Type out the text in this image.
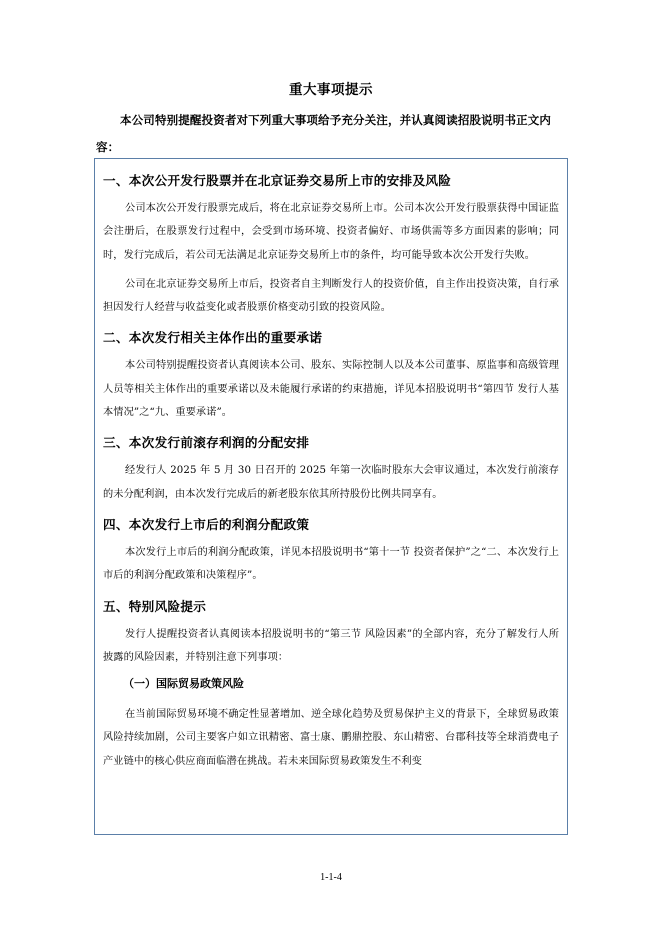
重大事项提示
本公司特别提醒投资者对下列重大事项给予充分关注，并认真阅读招股说明书正文内容：
一、本次公开发行股票并在北京证券交易所上市的安排及风险

公司本次公开发行股票完成后，将在北京证券交易所上市。公司本次公开发行股票获得中国证监会注册后，在股票发行过程中，会受到市场环境、投资者偏好、市场供需等多方面因素的影响；同时，发行完成后，若公司无法满足北京证券交易所上市的条件，均可能导致本次公开发行失败。

公司在北京证券交易所上市后，投资者自主判断发行人的投资价值，自主作出投资决策，自行承担因发行人经营与收益变化或者股票价格变动引致的投资风险。

二、本次发行相关主体作出的重要承诺

本公司特别提醒投资者认真阅读本公司、股东、实际控制人以及本公司董事、原监事和高级管理人员等相关主体作出的重要承诺以及未能履行承诺的约束措施，详见本招股说明书“第四节 发行人基本情况”之“九、重要承诺”。

三、本次发行前滚存利润的分配安排

经发行人 2025 年 5 月 30 日召开的 2025 年第一次临时股东大会审议通过，本次发行前滚存的未分配利润，由本次发行完成后的新老股东依其所持股份比例共同享有。

四、本次发行上市后的利润分配政策

本次发行上市后的利润分配政策，详见本招股说明书“第十一节 投资者保护”之“二、本次发行上市后的利润分配政策和决策程序”。

五、特别风险提示

发行人提醒投资者认真阅读本招股说明书的“第三节 风险因素”的全部内容，充分了解发行人所披露的风险因素，并特别注意下列事项：

（一）国际贸易政策风险

在当前国际贸易环境不确定性显著增加、逆全球化趋势及贸易保护主义的背景下，全球贸易政策风险持续加剧，公司主要客户如立讯精密、富士康、鹏鼎控股、东山精密、台郡科技等全球消费电子产业链中的核心供应商面临潜在挑战。若未来国际贸易政策发生不利变

1-1-4
